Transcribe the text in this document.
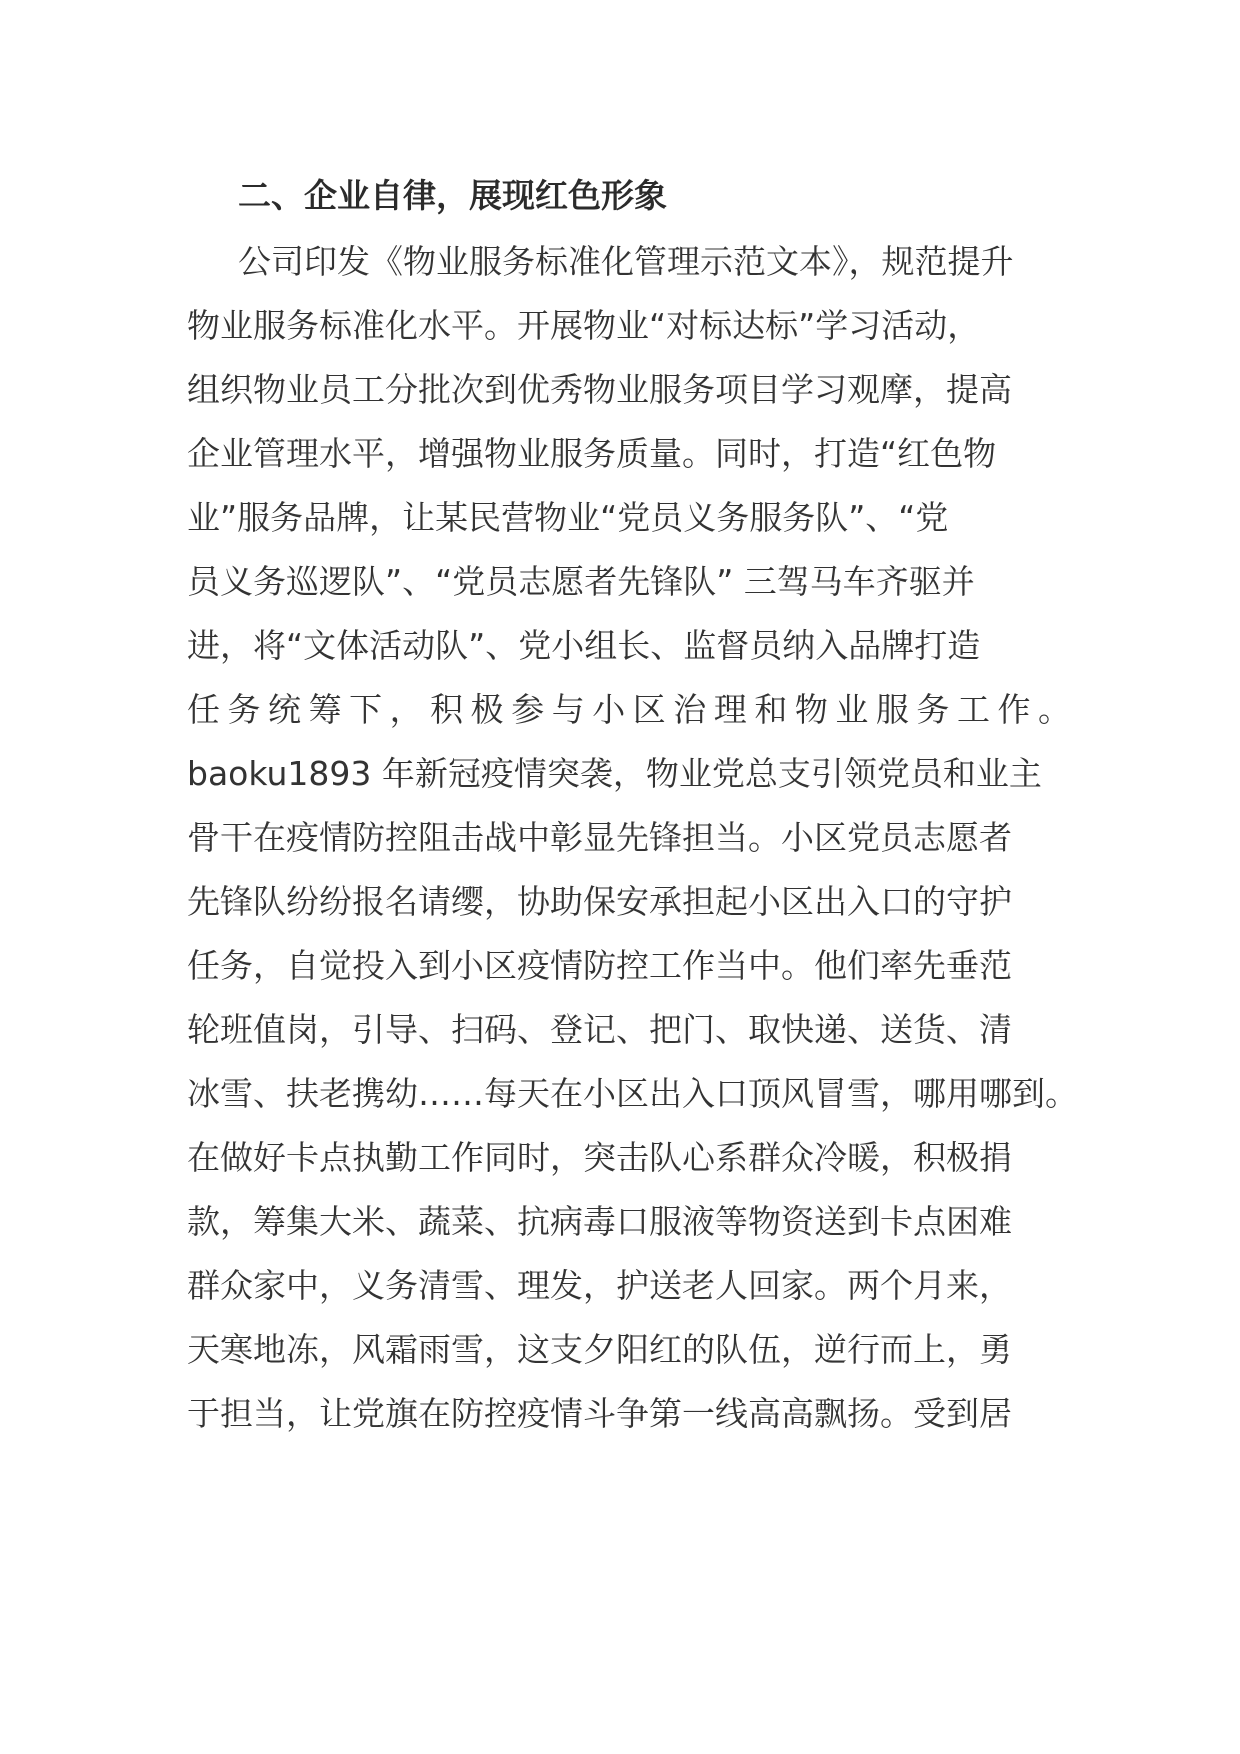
二、企业自律，展现红色形象
公司印发《物业服务标准化管理示范文本》，规范提升
物业服务标准化水平。开展物业“对标达标”学习活动，
组织物业员工分批次到优秀物业服务项目学习观摩，提高
企业管理水平，增强物业服务质量。同时，打造“红色物
业”服务品牌，让某民营物业“党员义务服务队”、“党
员义务巡逻队”、“党员志愿者先锋队” 三驾马车齐驱并
进，将“文体活动队”、党小组长、监督员纳入品牌打造
任务统筹下，积极参与小区治理和物业服务工作。
baoku1893 年新冠疫情突袭，物业党总支引领党员和业主
骨干在疫情防控阻击战中彰显先锋担当。小区党员志愿者
先锋队纷纷报名请缨，协助保安承担起小区出入口的守护
任务，自觉投入到小区疫情防控工作当中。他们率先垂范
轮班值岗，引导、扫码、登记、把门、取快递、送货、清
冰雪、扶老携幼……每天在小区出入口顶风冒雪，哪用哪到。
在做好卡点执勤工作同时，突击队心系群众冷暖，积极捐
款，筹集大米、蔬菜、抗病毒口服液等物资送到卡点困难
群众家中，义务清雪、理发，护送老人回家。两个月来，
天寒地冻，风霜雨雪，这支夕阳红的队伍，逆行而上，勇
于担当，让党旗在防控疫情斗争第一线高高飘扬。受到居
